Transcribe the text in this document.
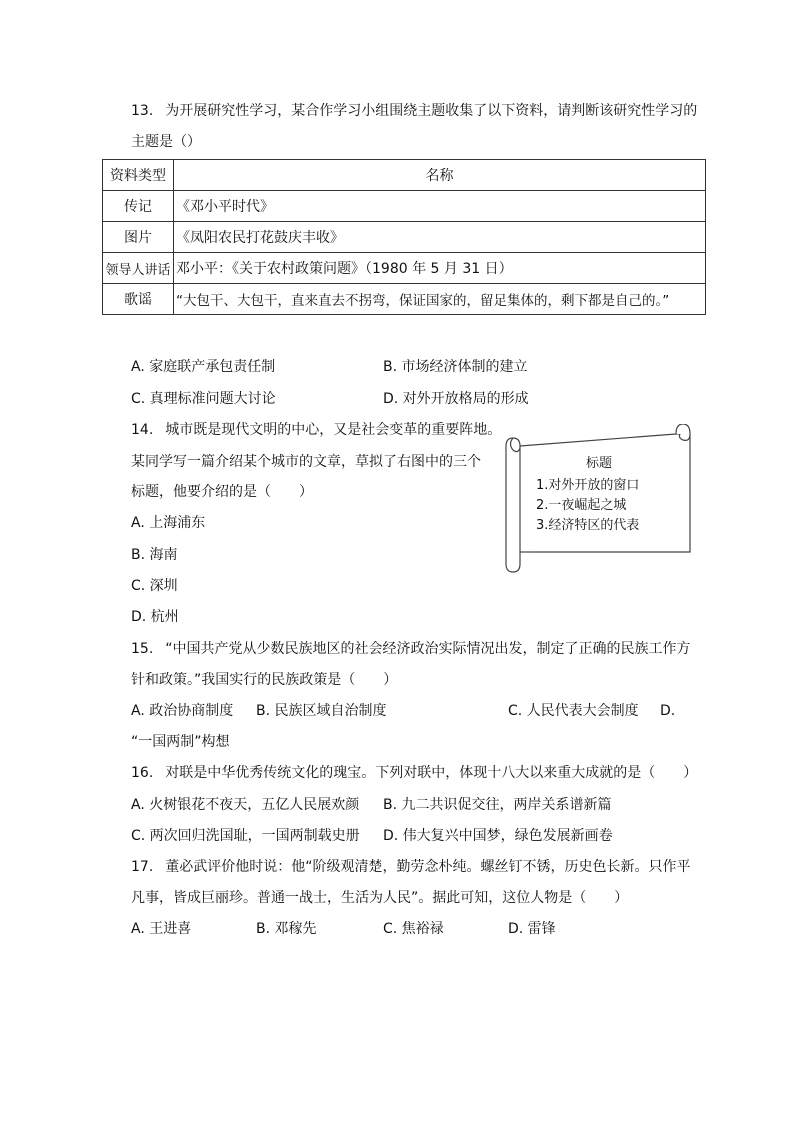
13. 为开展研究性学习，某合作学习小组围绕主题收集了以下资料，请判断该研究性学习的
主题是（）
资料类型	名称
传记	《邓小平时代》
图片	《凤阳农民打花鼓庆丰收》
领导人讲话	邓小平：《关于农村政策问题》（1980 年 5 月 31 日）
歌谣	“大包干、大包干，直来直去不拐弯，保证国家的，留足集体的，剩下都是自己的。”
A. 家庭联产承包责任制	B. 市场经济体制的建立
C. 真理标准问题大讨论	D. 对外开放格局的形成
14. 城市既是现代文明的中心，又是社会变革的重要阵地。
某同学写一篇介绍某个城市的文章，草拟了右图中的三个
标题，他要介绍的是（　　）
A. 上海浦东
B. 海南
C. 深圳
D. 杭州
标题
1.对外开放的窗口
2.一夜崛起之城
3.经济特区的代表
15. “中国共产党从少数民族地区的社会经济政治实际情况出发，制定了正确的民族工作方
针和政策。”我国实行的民族政策是（　　）
A. 政治协商制度 B. 民族区域自治制度	C. 人民代表大会制度 D.
“一国两制”构想
16. 对联是中华优秀传统文化的瑰宝。下列对联中，体现十八大以来重大成就的是（　　）
A. 火树银花不夜天，五亿人民展欢颜 B. 九二共识促交往，两岸关系谱新篇
C. 两次回归洗国耻，一国两制载史册 D. 伟大复兴中国梦，绿色发展新画卷
17. 董必武评价他时说：他“阶级观清楚，勤劳念朴纯。螺丝钉不锈，历史色长新。只作平
凡事，皆成巨丽珍。普通一战士，生活为人民”。据此可知，这位人物是（　　）
A. 王进喜	B. 邓稼先	C. 焦裕禄	D. 雷锋
